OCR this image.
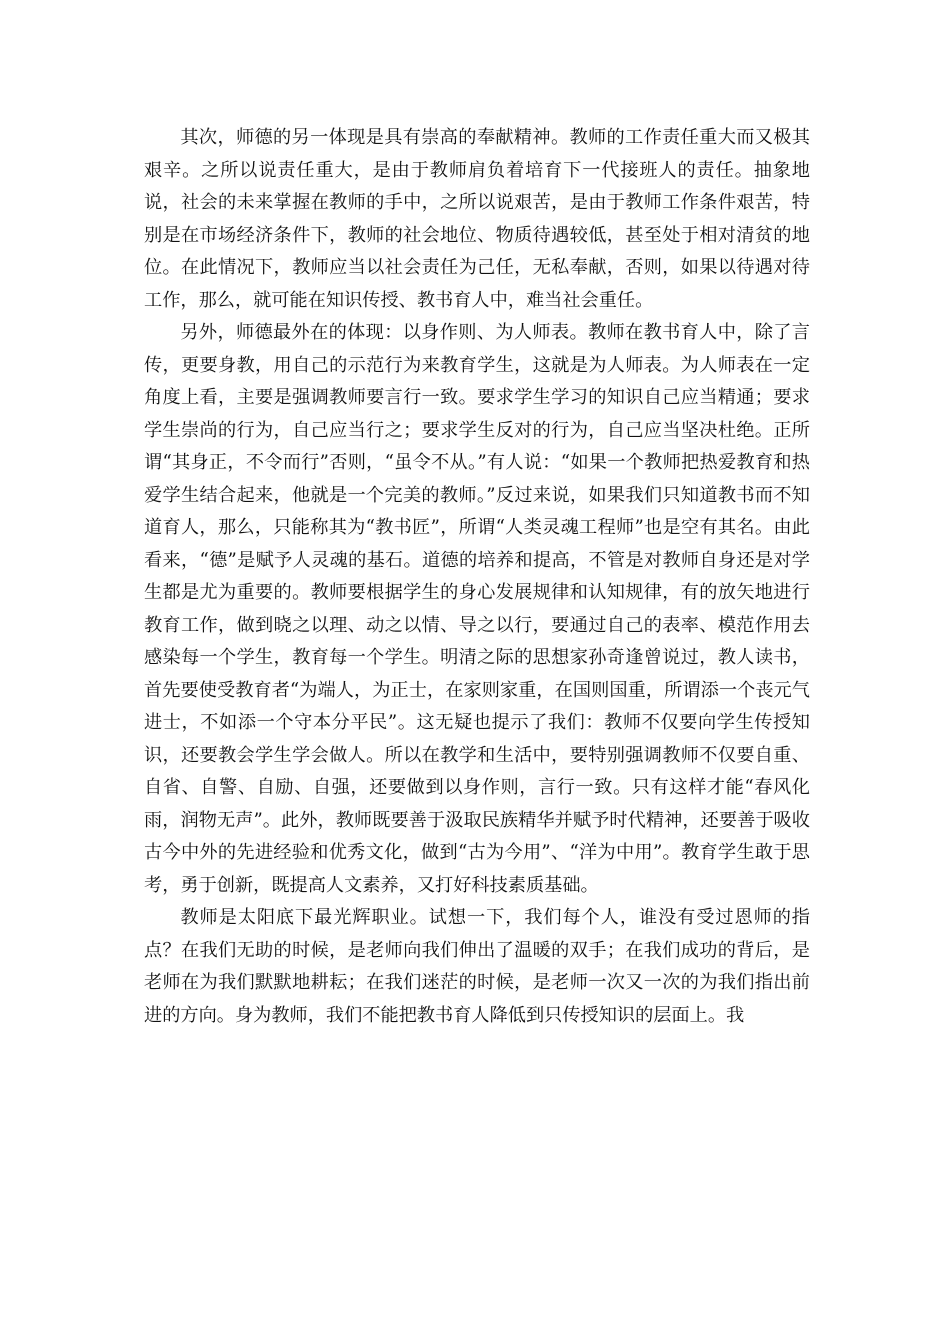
其次，师德的另一体现是具有崇高的奉献精神。教师的工作责任重大而又极其艰辛。之所以说责任重大，是由于教师肩负着培育下一代接班人的责任。抽象地说，社会的未来掌握在教师的手中，之所以说艰苦，是由于教师工作条件艰苦，特别是在市场经济条件下，教师的社会地位、物质待遇较低，甚至处于相对清贫的地位。在此情况下，教师应当以社会责任为己任，无私奉献，否则，如果以待遇对待工作，那么，就可能在知识传授、教书育人中，难当社会重任。

另外，师德最外在的体现：以身作则、为人师表。教师在教书育人中，除了言传，更要身教，用自己的示范行为来教育学生，这就是为人师表。为人师表在一定角度上看，主要是强调教师要言行一致。要求学生学习的知识自己应当精通；要求学生崇尚的行为，自己应当行之；要求学生反对的行为，自己应当坚决杜绝。正所谓“其身正，不令而行”否则，“虽令不从。”有人说：“如果一个教师把热爱教育和热爱学生结合起来，他就是一个完美的教师。”反过来说，如果我们只知道教书而不知道育人，那么，只能称其为“教书匠”，所谓“人类灵魂工程师”也是空有其名。由此看来，“德”是赋予人灵魂的基石。道德的培养和提高，不管是对教师自身还是对学生都是尤为重要的。教师要根据学生的身心发展规律和认知规律，有的放矢地进行教育工作，做到晓之以理、动之以情、导之以行，要通过自己的表率、模范作用去感染每一个学生，教育每一个学生。明清之际的思想家孙奇逢曾说过，教人读书，首先要使受教育者“为端人，为正士，在家则家重，在国则国重，所谓添一个丧元气进士，不如添一个守本分平民”。这无疑也提示了我们：教师不仅要向学生传授知识，还要教会学生学会做人。所以在教学和生活中，要特别强调教师不仅要自重、自省、自警、自励、自强，还要做到以身作则，言行一致。只有这样才能“春风化雨，润物无声”。此外，教师既要善于汲取民族精华并赋予时代精神，还要善于吸收古今中外的先进经验和优秀文化，做到“古为今用”、“洋为中用”。教育学生敢于思考，勇于创新，既提高人文素养，又打好科技素质基础。

教师是太阳底下最光辉职业。试想一下，我们每个人，谁没有受过恩师的指点？在我们无助的时候，是老师向我们伸出了温暖的双手；在我们成功的背后，是老师在为我们默默地耕耘；在我们迷茫的时候，是老师一次又一次的为我们指出前进的方向。身为教师，我们不能把教书育人降低到只传授知识的层面上。我
